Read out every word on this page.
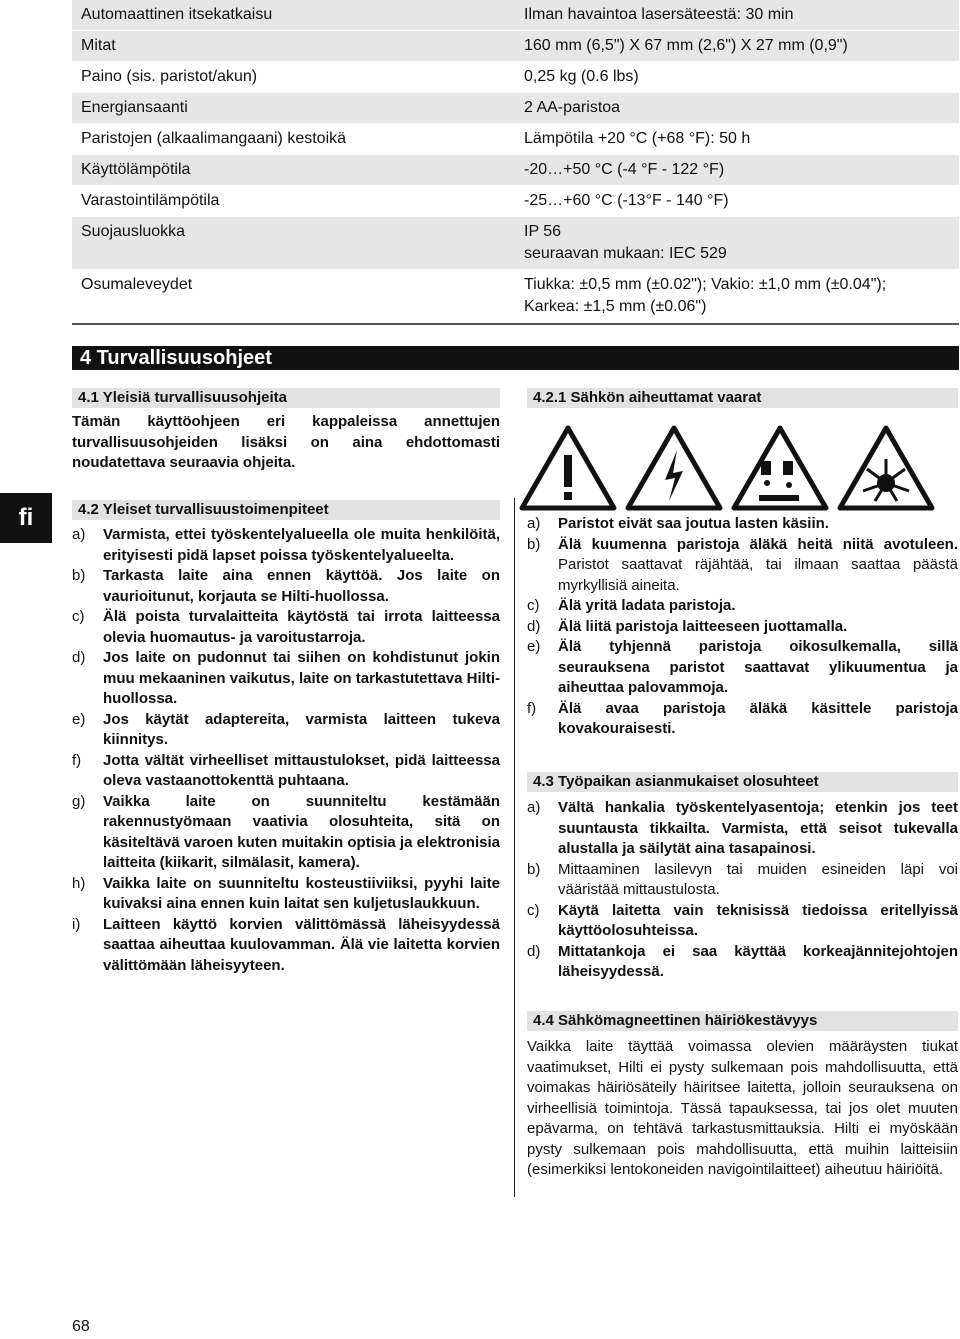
Automaattinen itsekatkaisu	Ilman havaintoa lasersäteestä: 30 min
Mitat	160 mm (6,5") X 67 mm (2,6") X 27 mm (0,9")
Paino (sis. paristot/akun)	0,25 kg (0.6 lbs)
Energiansaanti	2 AA-paristoa
Paristojen (alkaalimangaani) kestoikä	Lämpötila +20 °C (+68 °F): 50 h
Käyttölämpötila	-20…+50 °C (-4 °F - 122 °F)
Varastointilämpötila	-25…+60 °C (-13°F - 140 °F)
Suojausluokka	IP 56
seuraavan mukaan: IEC 529
Osumaleveydet	Tiukka: ±0,5 mm (±0.02"); Vakio: ±1,0 mm (±0.04");
Karkea: ±1,5 mm (±0.06")
4 Turvallisuusohjeet

4.1 Yleisiä turvallisuusohjeita

Tämän käyttöohjeen eri kappaleissa annettujen turvallisuusohjeiden lisäksi on aina ehdottomasti noudatettava seuraavia ohjeita.

4.2 Yleiset turvallisuustoimenpiteet

a)	Varmista, ettei työskentelyalueella ole muita henkilöitä, erityisesti pidä lapset poissa työskentelyalueelta.
b)	Tarkasta laite aina ennen käyttöä. Jos laite on vaurioitunut, korjauta se Hilti-huollossa.
c)	Älä poista turvalaitteita käytöstä tai irrota laitteessa olevia huomautus- ja varoitustarroja.
d)	Jos laite on pudonnut tai siihen on kohdistunut jokin muu mekaaninen vaikutus, laite on tarkastutettava Hilti-huollossa.
e)	Jos käytät adaptereita, varmista laitteen tukeva kiinnitys.
f)	Jotta vältät virheelliset mittaustulokset, pidä laitteessa oleva vastaanottokenttä puhtaana.
g)	Vaikka laite on suunniteltu kestämään rakennustyömaan vaativia olosuhteita, sitä on käsiteltävä varoen kuten muitakin optisia ja elektronisia laitteita (kiikarit, silmälasit, kamera).
h)	Vaikka laite on suunniteltu kosteustiiviiksi, pyyhi laite kuivaksi aina ennen kuin laitat sen kuljetuslaukkuun.
i)	Laitteen käyttö korvien välittömässä läheisyydessä saattaa aiheuttaa kuulovamman. Älä vie laitetta korvien välittömään läheisyyteen.
fi

4.2.1 Sähkön aiheuttamat vaarat

a)	Paristot eivät saa joutua lasten käsiin.
b)	Älä kuumenna paristoja äläkä heitä niitä avotuleen. Paristot saattavat räjähtää, tai ilmaan saattaa päästä myrkyllisiä aineita.
c)	Älä yritä ladata paristoja.
d)	Älä liitä paristoja laitteeseen juottamalla.
e)	Älä tyhjennä paristoja oikosulkemalla, sillä seurauksena paristot saattavat ylikuumentua ja aiheuttaa palovammoja.
f)	Älä avaa paristoja äläkä käsittele paristoja kovakouraisesti.

4.3 Työpaikan asianmukaiset olosuhteet

a)	Vältä hankalia työskentelyasentoja; etenkin jos teet suuntausta tikkailta. Varmista, että seisot tukevalla alustalla ja säilytät aina tasapainosi.
b)	Mittaaminen lasilevyn tai muiden esineiden läpi voi vääristää mittaustulosta.
c)	Käytä laitetta vain teknisissä tiedoissa eritellyissä käyttöolosuhteissa.
d)	Mittatankoja ei saa käyttää korkeajännitejohtojen läheisyydessä.

4.4 Sähkömagneettinen häiriökestävyys

Vaikka laite täyttää voimassa olevien määräysten tiukat vaatimukset, Hilti ei pysty sulkemaan pois mahdollisuutta, että voimakas häiriösäteily häiritsee laitetta, jolloin seurauksena on virheellisiä toimintoja. Tässä tapauksessa, tai jos olet muuten epävarma, on tehtävä tarkastusmittauksia. Hilti ei myöskään pysty sulkemaan pois mahdollisuutta, että muihin laitteisiin (esimerkiksi lentokoneiden navigointilaitteet) aiheutuu häiriöitä.

68
